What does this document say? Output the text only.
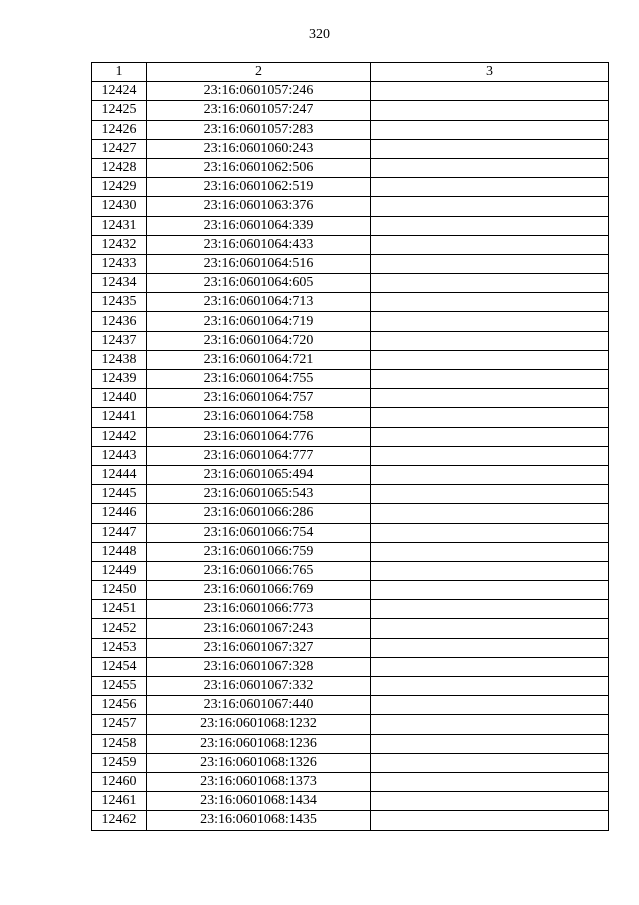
320
1	2	3
12424	23:16:0601057:246	
12425	23:16:0601057:247	
12426	23:16:0601057:283	
12427	23:16:0601060:243	
12428	23:16:0601062:506	
12429	23:16:0601062:519	
12430	23:16:0601063:376	
12431	23:16:0601064:339	
12432	23:16:0601064:433	
12433	23:16:0601064:516	
12434	23:16:0601064:605	
12435	23:16:0601064:713	
12436	23:16:0601064:719	
12437	23:16:0601064:720	
12438	23:16:0601064:721	
12439	23:16:0601064:755	
12440	23:16:0601064:757	
12441	23:16:0601064:758	
12442	23:16:0601064:776	
12443	23:16:0601064:777	
12444	23:16:0601065:494	
12445	23:16:0601065:543	
12446	23:16:0601066:286	
12447	23:16:0601066:754	
12448	23:16:0601066:759	
12449	23:16:0601066:765	
12450	23:16:0601066:769	
12451	23:16:0601066:773	
12452	23:16:0601067:243	
12453	23:16:0601067:327	
12454	23:16:0601067:328	
12455	23:16:0601067:332	
12456	23:16:0601067:440	
12457	23:16:0601068:1232	
12458	23:16:0601068:1236	
12459	23:16:0601068:1326	
12460	23:16:0601068:1373	
12461	23:16:0601068:1434	
12462	23:16:0601068:1435	
